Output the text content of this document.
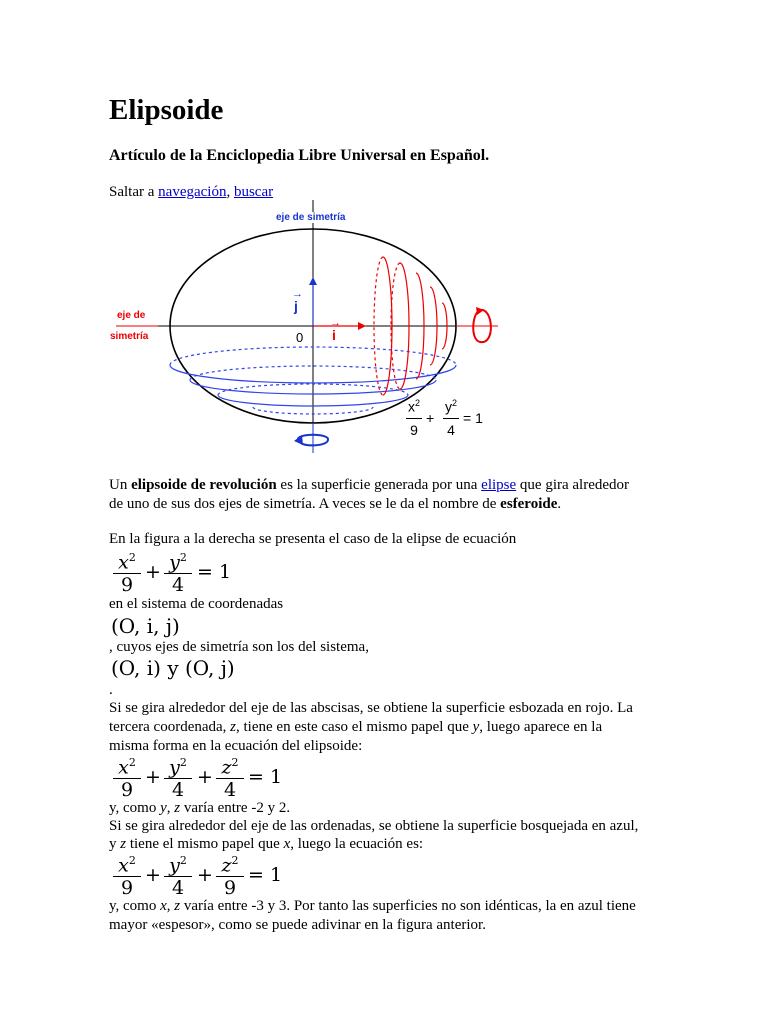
Elipsoide
Artículo de la Enciclopedia Libre Universal en Español.
Saltar a navegación, buscar
eje de simetría
eje de
simetría	0 i
→
j
→
$x^2$
9
+
$y^2$
4
= 1
Un elipsoide de revolución es la superficie generada por una elipse que gira alrededor
de uno de sus dos ejes de simetría. A veces se le da el nombre de esferoide.
En la figura a la derecha se presenta el caso de la elipse de ecuación
$x^2$
9
+ $y^2$
4
= 1
en el sistema de coordenadas
(O, i, j)
, cuyos ejes de simetría son los del sistema,
(O, i) y (O, j)
.
Si se gira alrededor del eje de las abscisas, se obtiene la superficie esbozada en rojo. La
tercera coordenada, z, tiene en este caso el mismo papel que y, luego aparece en la
misma forma en la ecuación del elipsoide:
$x^2$
9
+ $y^2$
4
+ $z^2$
4
= 1
y, como y, z varía entre -2 y 2.
Si se gira alrededor del eje de las ordenadas, se obtiene la superficie bosquejada en azul,
y z tiene el mismo papel que x, luego la ecuación es:
$x^2$
9
+ $y^2$
4
+ $z^2$
9
= 1
y, como x, z varía entre -3 y 3. Por tanto las superficies no son idénticas, la en azul tiene
mayor «espesor», como se puede adivinar en la figura anterior.
